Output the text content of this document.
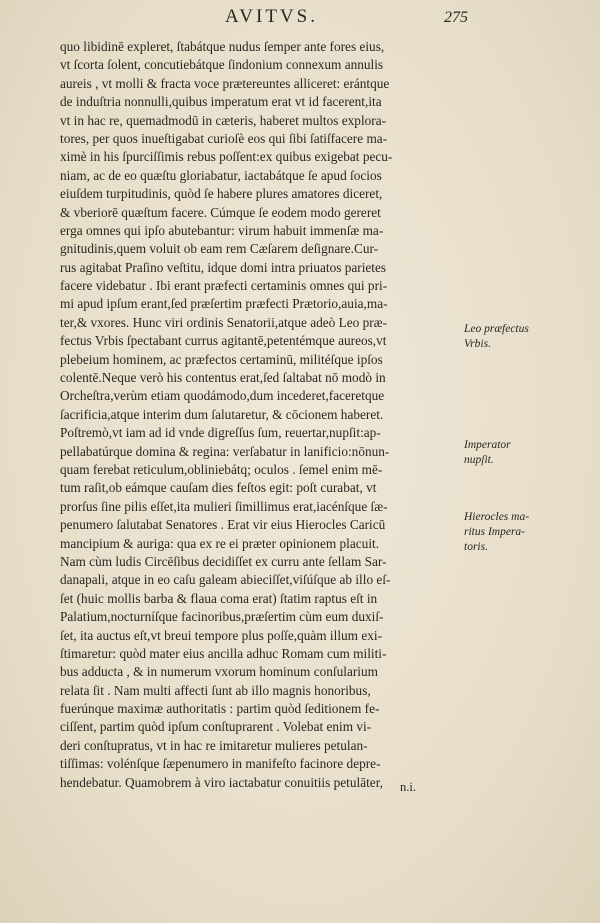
AVITVS.	275
quo libidinē expleret, ſtabátque nudus ſemper ante fores eius,
vt ſcorta ſolent, concutiebátque ſindonium connexum annulis
aureis , vt molli & fracta voce prætereuntes alliceret: erántque
de induſtria nonnulli,quibus imperatum erat vt id facerent,ita
vt in hac re, quemadmodū in cæteris, haberet multos explora-
tores, per quos inueſtigabat curioſè eos qui ſibi ſatiſfacere ma-
ximè in his ſpurciſſimis rebus poſſent:ex quibus exigebat pecu-
niam, ac de eo quæſtu gloriabatur, iactabátque ſe apud ſocios
eiuſdem turpitudinis, quòd ſe habere plures amatores diceret,
& vberiorē quæſtum facere. Cúmque ſe eodem modo gereret
erga omnes qui ipſo abutebantur: virum habuit immenſæ ma-
gnitudinis,quem voluit ob eam rem Cæſarem deſignare.Cur-
rus agitabat Praſino veſtitu, idque domi intra priuatos parietes
facere videbatur . Ibi erant præfecti certaminis omnes qui pri-
mi apud ipſum erant,ſed præſertim præfecti Prætorio,auia,ma-
ter,& vxores. Hunc viri ordinis Senatorii,atque adeò Leo præ-
fectus Vrbis ſpectabant currus agitantē,petentémque aureos,vt
plebeium hominem, ac præfectos certaminū, militéſque ipſos
colentē.Neque verò his contentus erat,ſed ſaltabat nō modò in
Orcheſtra,verùm etiam quodámodo,dum incederet,faceretque
ſacrificia,atque interim dum ſalutaretur, & cōcionem haberet.
Poſtremò,vt iam ad id vnde digreſſus ſum, reuertar,nupſit:ap-
pellabatúrque domina & regina: verſabatur in lanificio:nōnun-
quam ferebat reticulum,obliniebátq; oculos . ſemel enim mē-
tum raſit,ob eámque cauſam dies feſtos egit: poſt curabat, vt
prorſus ſine pilis eſſet,ita mulieri ſimillimus erat,iacénſque ſæ-
penumero ſalutabat Senatores . Erat vir eius Hierocles Caricū
mancipium & auriga: qua ex re ei præter opinionem placuit.
Nam cùm ludis Circēſibus decidiſſet ex curru ante ſellam Sar-
danapali, atque in eo caſu galeam abieciſſet,viſúſque ab illo eſ-
ſet (huic mollis barba & flaua coma erat) ſtatim raptus eſt in
Palatium,nocturníſque facinoribus,præſertim cùm eum duxiſ-
ſet, ita auctus eſt,vt breui tempore plus poſſe,quàm illum exi-
ſtimaretur: quòd mater eius ancilla adhuc Romam cum militi-
bus adducta , & in numerum vxorum hominum conſularium
relata ſit . Nam multi affecti ſunt ab illo magnis honoribus,
fuerúnque maximæ authoritatis : partim quòd ſeditionem fe-
ciſſent, partim quòd ipſum conſtuprarent . Volebat enim vi-
deri conſtupratus, vt in hac re imitaretur mulieres petulan-
tiſſimas: volénſque ſæpenumero in manifeſto facinore depre-
hendebatur. Quamobrem à viro iactabatur conuitiis petulāter,
Leo præfectus
Vrbis.
Imperator
nupſit.
Hierocles ma-
ritus Impera-
toris.
n.i.
